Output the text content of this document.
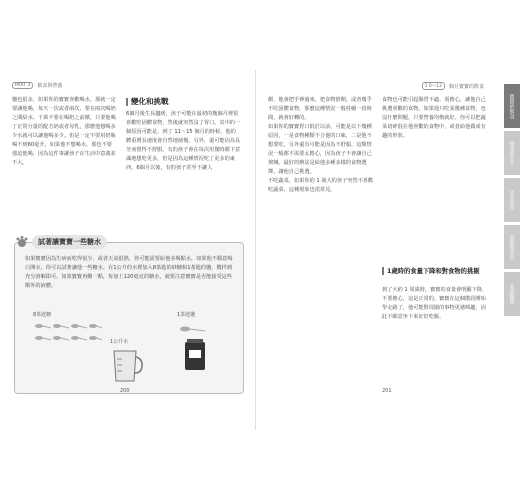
PART 3	飲食與營養
鹽也很多，如果你的寶寶喜歡喝水，那就一定要讓他喝，每天一次或者兩次，要在兩次喝奶之間給水。千萬不要在喝奶之前餵，只要他喝了正常分量的配方奶或者母乳，那麼他想喝多少水就可以讓他喝多少。但是一定不要用奶瓶喝不到60毫升，如果他不想喝水，那也不要強迫他喝，因為這件事讓孩子在生活中意義並不大。
變化和挑戰
6個月後生長趨緩，孩子可能在最初的幾個月裡很喜歡吃固體食物，然後就突然沒了胃口。其中的一個原因可能是，到了 11～15 個月的時候，他的體重增長速度會自然地減慢。另外，還可能因為長牙而覺得不舒服。有的孩子會在每次用餐時都下意識地想吃更多，但是因為這種情況吃了更多的東西，6個月以後，有的孩子甚至不讓人
試著讓寶寶一些糖水
如果寶寶因為生病而吃得很少，或者天氣很熱，你可能需要給他多喝點水，如果他不願意喝白開水，你可以試著讓他一些糖水。在1公升的水裡加入8茶匙的砂糖和1茶匙的鹽，攪拌到充分溶解即可。如果寶寶再餵一點，每加上120毫克的糖水，就要注意寶寶是否能接受這些額外的液體。
8茶匙糖	1茶匙鹽
1公升水
200
1 0～12	個月寶寶的飲食
餵，他會把手伸過來，把食物推開，或者幾乎不吃固體食物，那麼這種情況一般持續一段時間，就會好轉的。
如果你的寶寶胃口低於以前，可能是以下幾種原因，一是食物種類不合他的口味，二是他不想要吃，另外還有可能是因為不舒服。這類情況一般都不需要太擔心，因為孩子不會讓自己挨餓。最好的辦法是給他多種多樣的食物選擇，讓他自己挑選。
不吃蔬菜，如果你的 1 歲大的孩子突然不喜歡吃蔬菜，這種現象也很常見。
食物也可能引起腸胃不適，別擔心，讓他自己挑選喜歡的食物。如果他只吃某幾種食物，也沒什麼問題，只要營養均衡就好。你可以把蔬菜切碎混在他喜歡的食物中，或者給他做成有趣的形狀。
1歲時的食量下降和對食物的挑剔
到了大約 1 周歲時，寶寶的食量會明顯下降，不要擔心，這是正常的。寶寶在這個階段開始學走路了，他可能對周圍的事物更感興趣，因此不願意坐下來好好吃飯。
201
寶寶的飲食
健康與安全
成長發育
遊戲與學習
家庭關係
